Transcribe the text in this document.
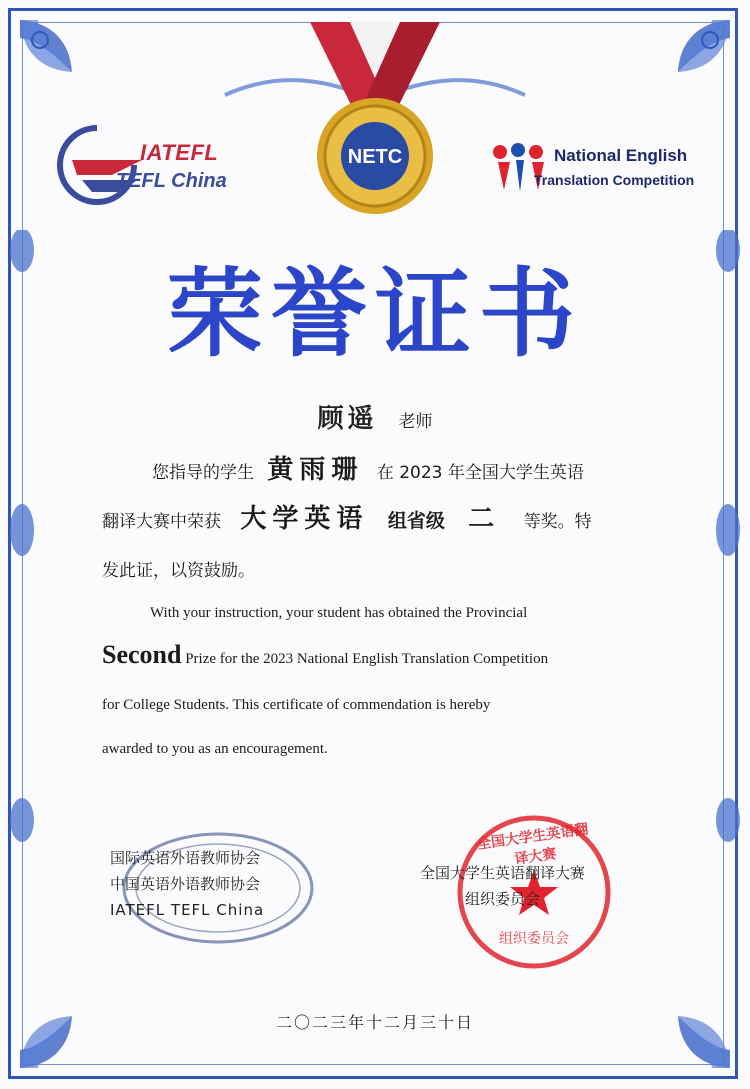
NETC
IATEFL
TEFL China
National English
Translation Competition
荣誉证书
顾遥 老师
您指导的学生 黄雨珊 在 2023 年全国大学生英语
翻译大赛中荣获 大学英语 组省级 二 等奖。特
发此证，以资鼓励。
With your instruction, your student has obtained the Provincial
Second Prize for the 2023 National English Translation Competition
for College Students. This certificate of commendation is hereby
awarded to you as an encouragement.
国际英语外语教师协会
中国英语外语教师协会
IATEFL TEFL China
全国大学生英语翻译大赛
组织委员会
全国大学生英语翻译大赛
组织委员会
二〇二三年十二月三十日
